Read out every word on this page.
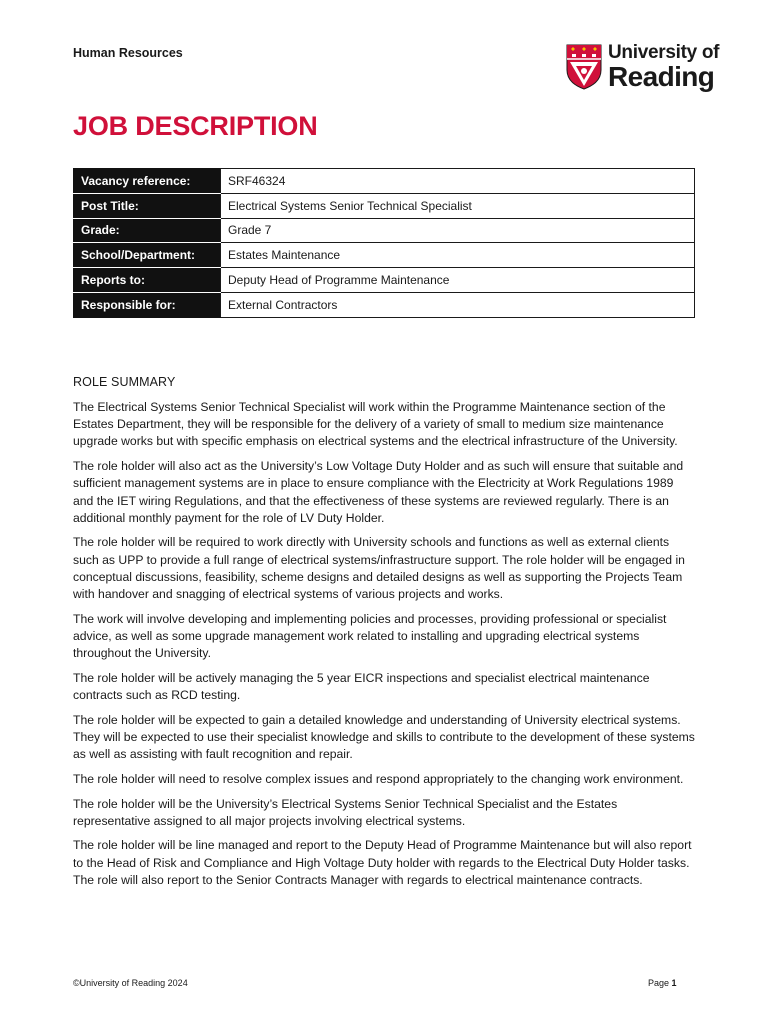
Human Resources	University of
Reading
JOB DESCRIPTION
Vacancy reference:	SRF46324
Post Title:	Electrical Systems Senior Technical Specialist
Grade:	Grade 7
School/Department:	Estates Maintenance
Reports to:	Deputy Head of Programme Maintenance
Responsible for:	External Contractors
ROLE SUMMARY

The Electrical Systems Senior Technical Specialist will work within the Programme Maintenance section of the Estates Department, they will be responsible for the delivery of a variety of small to medium size maintenance upgrade works but with specific emphasis on electrical systems and the electrical infrastructure of the University.

The role holder will also act as the University’s Low Voltage Duty Holder and as such will ensure that suitable and sufficient management systems are in place to ensure compliance with the Electricity at Work Regulations 1989 and the IET wiring Regulations, and that the effectiveness of these systems are reviewed regularly. There is an additional monthly payment for the role of LV Duty Holder.

The role holder will be required to work directly with University schools and functions as well as external clients such as UPP to provide a full range of electrical systems/infrastructure support. The role holder will be engaged in conceptual discussions, feasibility, scheme designs and detailed designs as well as supporting the Projects Team with handover and snagging of electrical systems of various projects and works.

The work will involve developing and implementing policies and processes, providing professional or specialist advice, as well as some upgrade management work related to installing and upgrading electrical systems throughout the University.

The role holder will be actively managing the 5 year EICR inspections and specialist electrical maintenance contracts such as RCD testing.

The role holder will be expected to gain a detailed knowledge and understanding of University electrical systems. They will be expected to use their specialist knowledge and skills to contribute to the development of these systems as well as assisting with fault recognition and repair.

The role holder will need to resolve complex issues and respond appropriately to the changing work environment.

The role holder will be the University’s Electrical Systems Senior Technical Specialist and the Estates representative assigned to all major projects involving electrical systems.

The role holder will be line managed and report to the Deputy Head of Programme Maintenance but will also report to the Head of Risk and Compliance and High Voltage Duty holder with regards to the Electrical Duty Holder tasks. The role will also report to the Senior Contracts Manager with regards to electrical maintenance contracts.

©University of Reading 2024	Page 1
